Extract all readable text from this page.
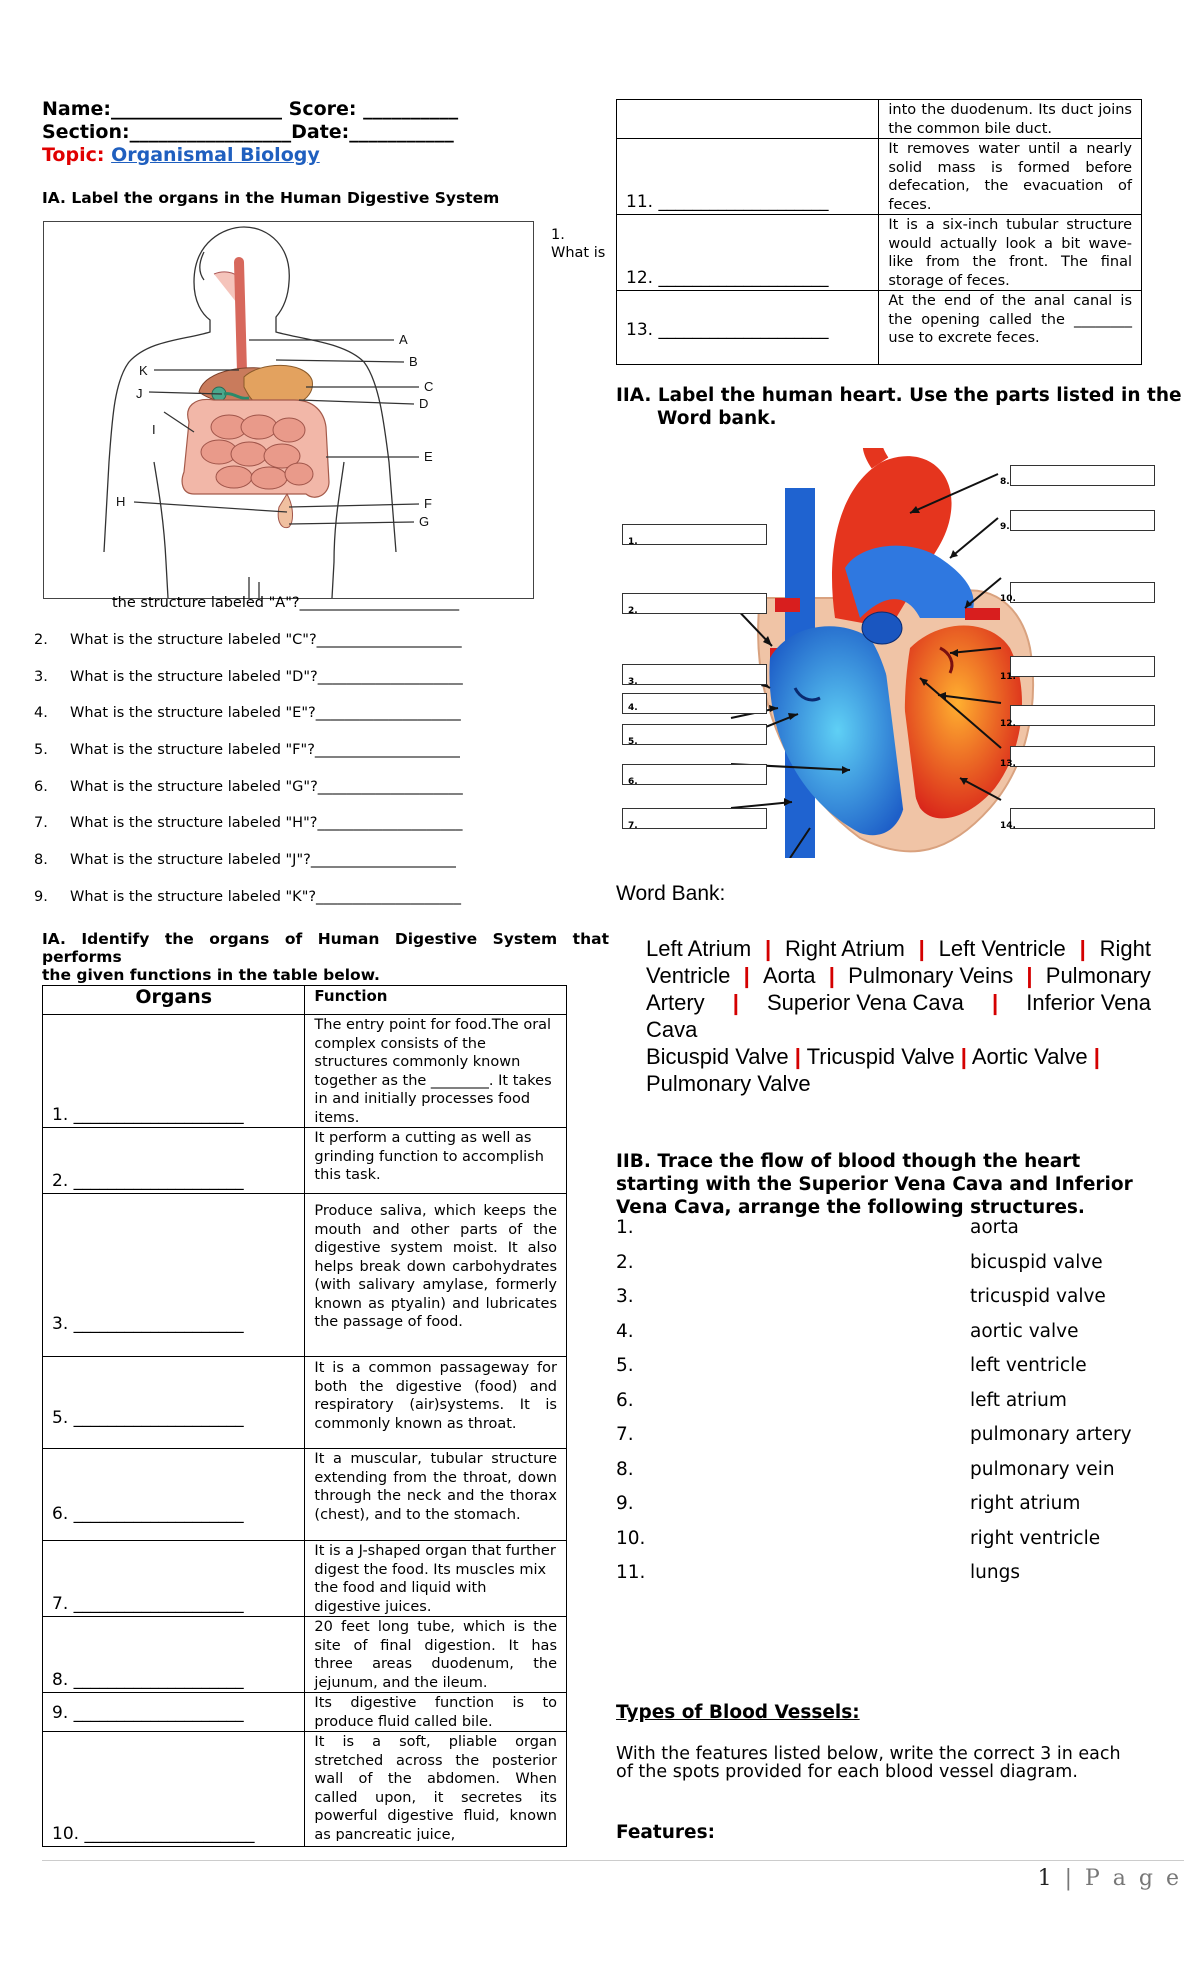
Name:__________________ Score: __________
Section:_________________Date:___________
Topic: Organismal Biology
IA. Label the organs in the Human Digestive System
A
B
C
D
E
F
G
H
I
J
K
1.
What is
the structure labeled "A"?______________________
2. What is the structure labeled "C"?____________________
3. What is the structure labeled "D"?____________________
4. What is the structure labeled "E"?____________________
5. What is the structure labeled "F"?____________________
6. What is the structure labeled "G"?____________________
7. What is the structure labeled "H"?____________________
8. What is the structure labeled "J"?____________________
9. What is the structure labeled "K"?____________________
IA. Identify the organs of Human Digestive System that performs
the given functions in the table below.
Organs	Function

1. ____________________	The entry point for food.The oral complex consists of the structures commonly known together as the ________. It takes in and initially processes food items.

2. ____________________	It perform a cutting as well as grinding function to accomplish this task.

3. ____________________	Produce saliva, which keeps the mouth and other parts of the digestive system moist. It also helps break down carbohydrates (with salivary amylase, formerly known as ptyalin) and lubricates the passage of food.

5. ____________________	It is a common passageway for both the digestive (food) and respiratory (air)systems. It is commonly known as throat.

6. ____________________	It a muscular, tubular structure extending from the throat, down through the neck and the thorax (chest), and to the stomach.

7. ____________________	It is a J-shaped organ that further digest the food. Its muscles mix the food and liquid with digestive juices.

8. ____________________	20 feet long tube, which is the site of final digestion. It has three areas duodenum, the jejunum, and the ileum.

9. ____________________	Its digestive function is to produce fluid called bile.

10. ____________________	It is a soft, pliable organ stretched across the posterior wall of the abdomen. When called upon, it secretes its powerful digestive fluid, known as pancreatic juice,
	into the duodenum. Its duct joins the common bile duct.

11. ____________________	It removes water until a nearly solid mass is formed before defecation, the evacuation of feces.

12. ____________________	It is a six-inch tubular structure would actually look a bit wave-like from the front. The final storage of feces.

13. ____________________	At the end of the anal canal is the opening called the ________ use to excrete feces.
IIA. Label the human heart. Use the parts listed in the
Word bank.
1.
2.
3.
4.
5.
6.
7.
8.
9.
10.
11.
12.
13.
14.
Word Bank:
Left Atrium | Right Atrium | Left Ventricle | Right
Ventricle | Aorta | Pulmonary Veins | Pulmonary
Artery | Superior Vena Cava | Inferior Vena
Cava
Bicuspid Valve | Tricuspid Valve | Aortic Valve |
Pulmonary Valve
IIB. Trace the flow of blood though the heart
starting with the Superior Vena Cava and Inferior
Vena Cava, arrange the following structures.
1.	aorta
2.	bicuspid valve
3.	tricuspid valve
4.	aortic valve
5.	left ventricle
6.	left atrium
7.	pulmonary artery
8.	pulmonary vein
9.	right atrium
10.	right ventricle
11.	lungs
Types of Blood Vessels:
With the features listed below, write the correct 3 in each of the spots provided for each blood vessel diagram.
Features:
1 | P a g e
